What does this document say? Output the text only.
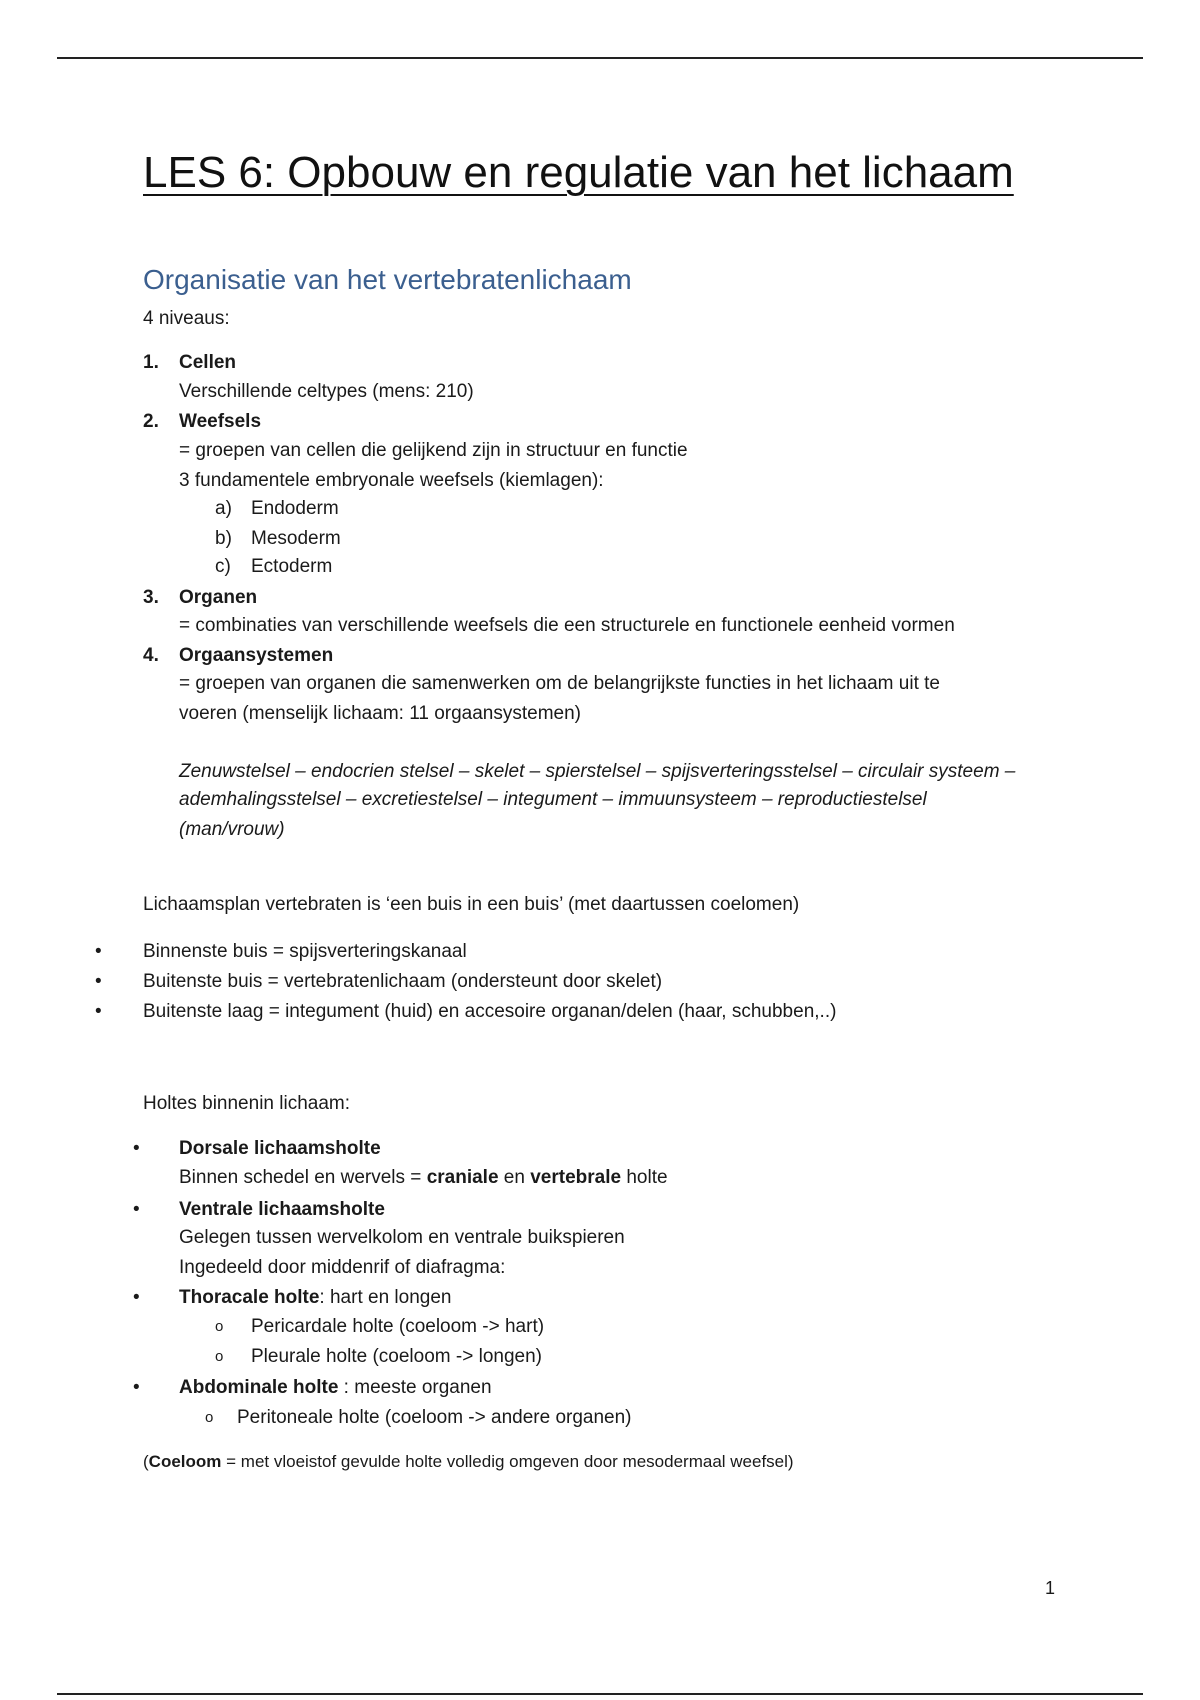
LES 6: Opbouw en regulatie van het lichaam
Organisatie van het vertebratenlichaam
4 niveaus:
1. Cellen
Verschillende celtypes (mens: 210)
2. Weefsels
= groepen van cellen die gelijkend zijn in structuur en functie
3 fundamentele embryonale weefsels (kiemlagen):
a) Endoderm
b) Mesoderm
c) Ectoderm
3. Organen
= combinaties van verschillende weefsels die een structurele en functionele eenheid vormen
4. Orgaansystemen
= groepen van organen die samenwerken om de belangrijkste functies in het lichaam uit te
voeren (menselijk lichaam: 11 orgaansystemen)
Zenuwstelsel – endocrien stelsel – skelet – spierstelsel – spijsverteringsstelsel – circulair systeem –
ademhalingsstelsel – excretiestelsel – integument – immuunsysteem – reproductiestelsel
(man/vrouw)
Lichaamsplan vertebraten is ‘een buis in een buis’ (met daartussen coelomen)
• Binnenste buis = spijsverteringskanaal
• Buitenste buis = vertebratenlichaam (ondersteunt door skelet)
• Buitenste laag = integument (huid) en accesoire organan/delen (haar, schubben,..)
Holtes binnenin lichaam:
• Dorsale lichaamsholte
Binnen schedel en wervels = craniale en vertebrale holte
• Ventrale lichaamsholte
Gelegen tussen wervelkolom en ventrale buikspieren
Ingedeeld door middenrif of diafragma:
• Thoracale holte: hart en longen
o Pericardale holte (coeloom -> hart)
o Pleurale holte (coeloom -> longen)
• Abdominale holte : meeste organen
o Peritoneale holte (coeloom -> andere organen)
(Coeloom = met vloeistof gevulde holte volledig omgeven door mesodermaal weefsel)
1
